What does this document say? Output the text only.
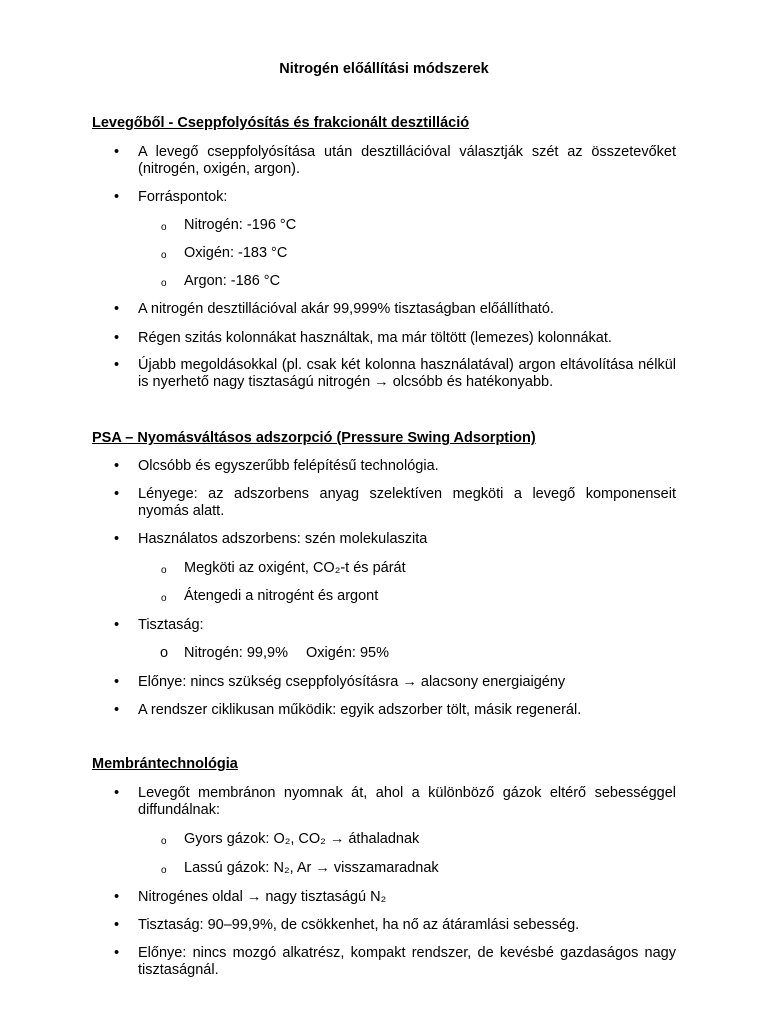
Nitrogén előállítási módszerek
Levegőből - Cseppfolyósítás és frakcionált desztilláció
• A levegő cseppfolyósítása után desztillációval választják szét az összetevőket (nitrogén, oxigén, argon).
• Forráspontok:
o Nitrogén: -196 °C
o Oxigén: -183 °C
o Argon: -186 °C
• A nitrogén desztillációval akár 99,999% tisztaságban előállítható.
• Régen szitás kolonnákat használtak, ma már töltött (lemezes) kolonnákat.
• Újabb megoldásokkal (pl. csak két kolonna használatával) argon eltávolítása nélkül is nyerhető nagy tisztaságú nitrogén → olcsóbb és hatékonyabb.
PSA – Nyomásváltásos adszorpció (Pressure Swing Adsorption)
• Olcsóbb és egyszerűbb felépítésű technológia.
• Lényege: az adszorbens anyag szelektíven megköti a levegő komponenseit nyomás alatt.
• Használatos adszorbens: szén molekulaszita
o Megköti az oxigént, CO₂-t és párát
o Átengedi a nitrogént és argont
• Tisztaság:
o Nitrogén: 99,9% Oxigén: 95%
• Előnye: nincs szükség cseppfolyósításra → alacsony energiaigény
• A rendszer ciklikusan működik: egyik adszorber tölt, másik regenerál.
Membrántechnológia
• Levegőt membránon nyomnak át, ahol a különböző gázok eltérő sebességgel diffundálnak:
o Gyors gázok: O₂, CO₂ → áthaladnak
o Lassú gázok: N₂, Ar → visszamaradnak
• Nitrogénes oldal → nagy tisztaságú N₂
• Tisztaság: 90–99,9%, de csökkenhet, ha nő az átáramlási sebesség.
• Előnye: nincs mozgó alkatrész, kompakt rendszer, de kevésbé gazdaságos nagy tisztaságnál.
